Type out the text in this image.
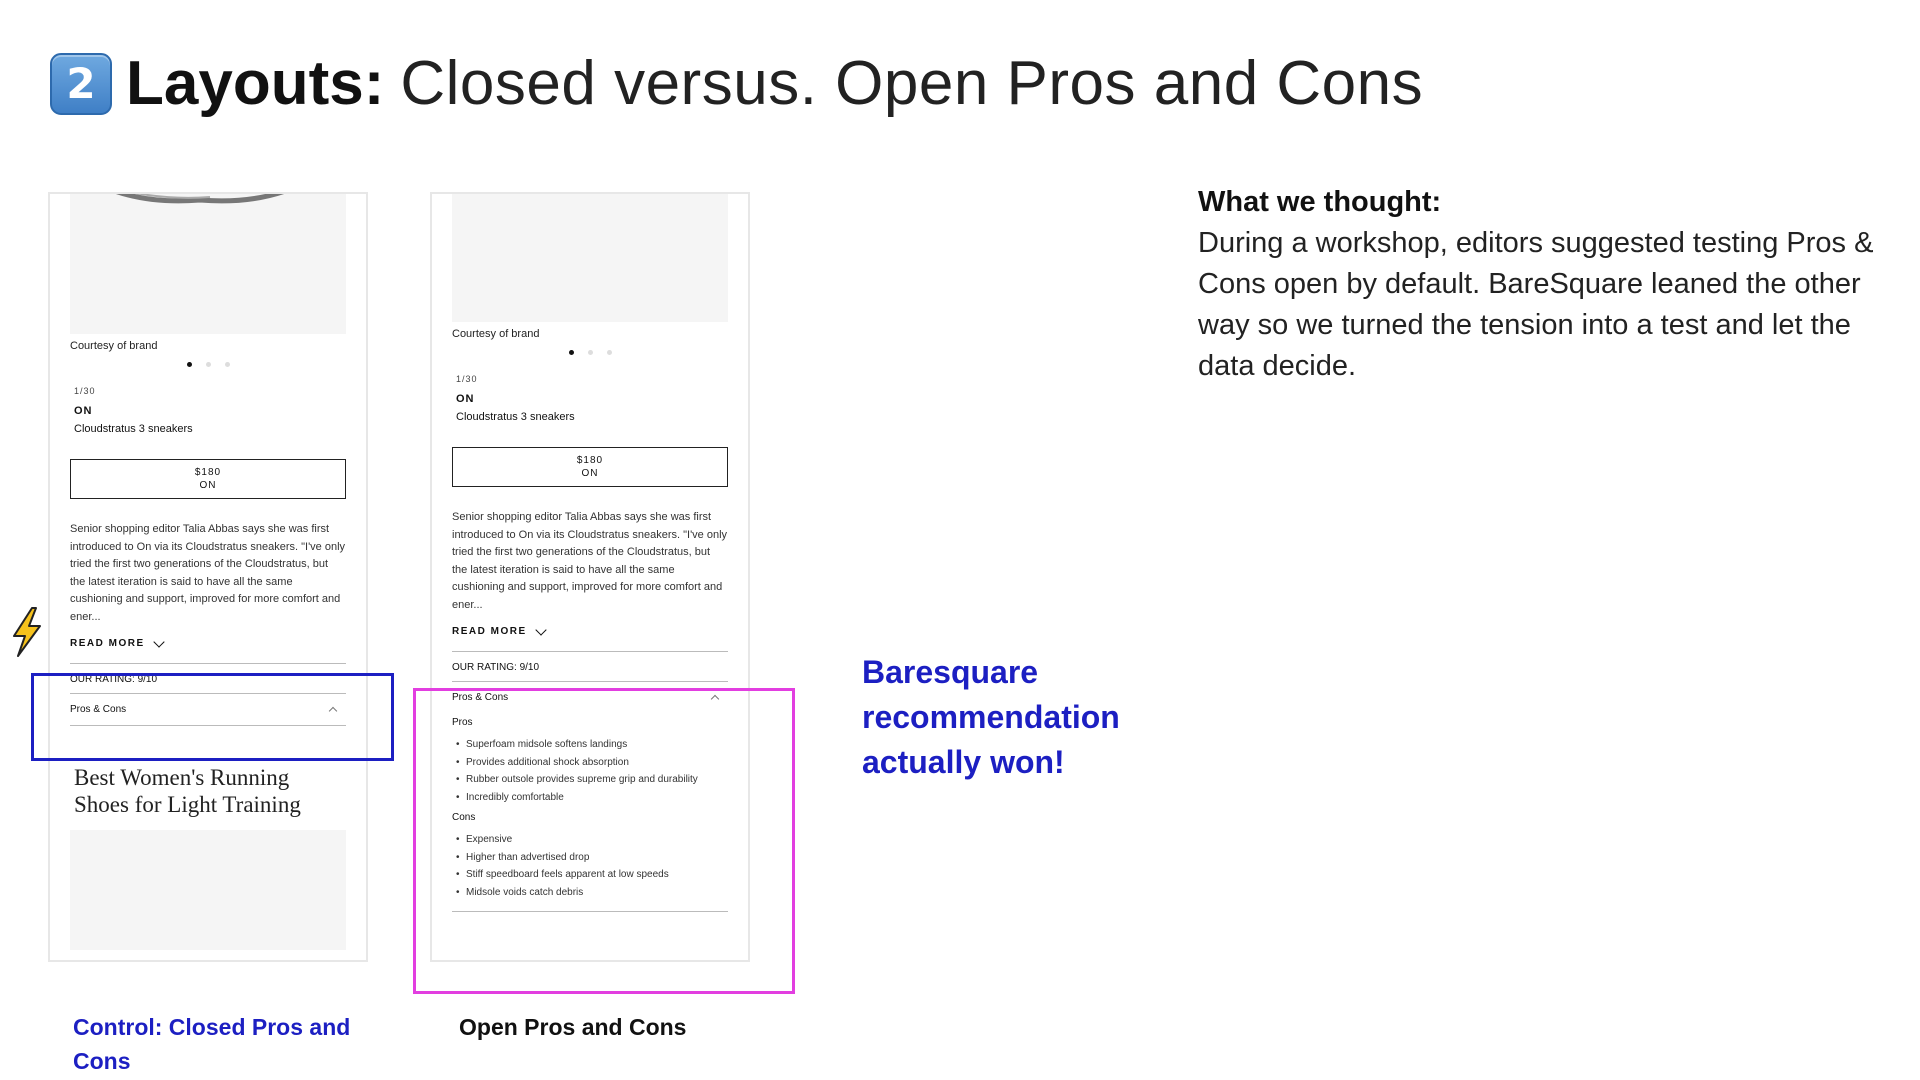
2 Layouts: Closed versus. Open Pros and Cons
Courtesy of brand
1/30
ON
Cloudstratus 3 sneakers
$180
ON
Senior shopping editor Talia Abbas says she was first introduced to On via its Cloudstratus sneakers. "I've only tried the first two generations of the Cloudstratus, but the latest iteration is said to have all the same cushioning and support, improved for more comfort and ener...
READ MORE
OUR RATING: 9/10
Pros & Cons
Best Women's Running Shoes for Light Training
Courtesy of brand
1/30
ON
Cloudstratus 3 sneakers
$180
ON
Senior shopping editor Talia Abbas says she was first introduced to On via its Cloudstratus sneakers. "I've only tried the first two generations of the Cloudstratus, but the latest iteration is said to have all the same cushioning and support, improved for more comfort and ener...
READ MORE
OUR RATING: 9/10
Pros & Cons
Pros
• Superfoam midsole softens landings
• Provides additional shock absorption
• Rubber outsole provides supreme grip and durability
• Incredibly comfortable
Cons
• Expensive
• Higher than advertised drop
• Stiff speedboard feels apparent at low speeds
• Midsole voids catch debris
Control: Closed Pros and Cons
Open Pros and Cons
Baresquare recommendation actually won!
What we thought:
During a workshop, editors suggested testing Pros & Cons open by default. BareSquare leaned the other way so we turned the tension into a test and let the data decide.
